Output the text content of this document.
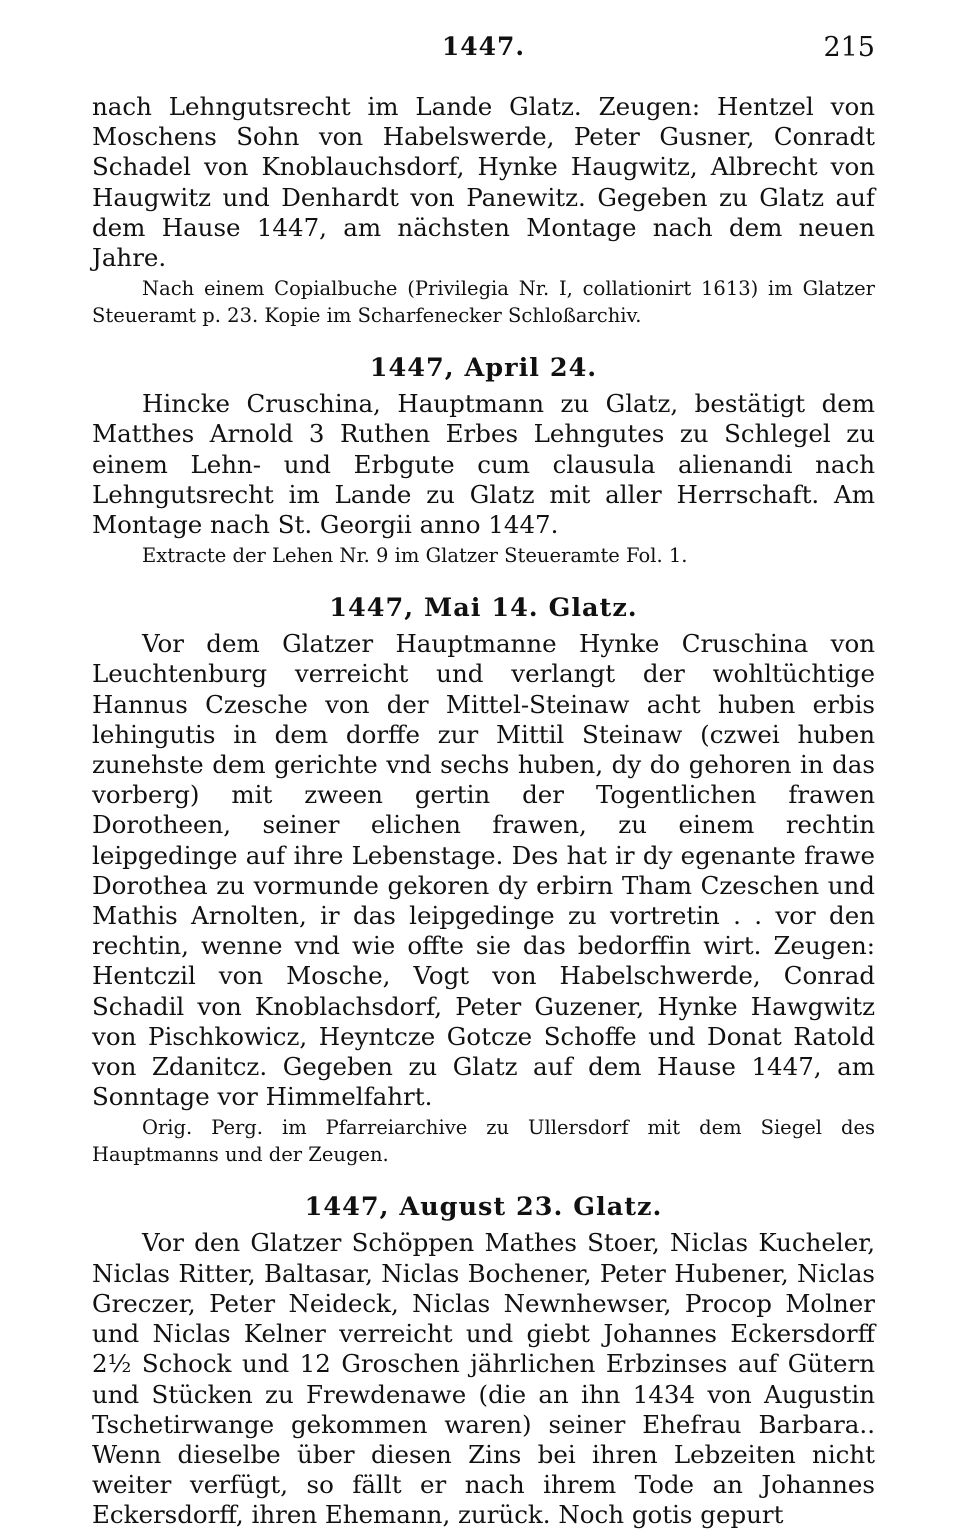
1447.	215

nach Lehngutsrecht im Lande Glatz. Zeugen: Hentzel von Moschens Sohn von Habelswerde, Peter Gusner, Conradt Schadel von Knoblauchsdorf, Hynke Haugwitz, Albrecht von Haugwitz und Denhardt von Panewitz. Gegeben zu Glatz auf dem Hause 1447, am nächsten Montage nach dem neuen Jahre.

Nach einem Copialbuche (Privilegia Nr. I, collationirt 1613) im Glatzer Steueramt p. 23. Kopie im Scharfenecker Schloßarchiv.

1447, April 24.

Hincke Cruschina, Hauptmann zu Glatz, bestätigt dem Matthes Arnold 3 Ruthen Erbes Lehngutes zu Schlegel zu einem Lehn- und Erbgute cum clausula alienandi nach Lehngutsrecht im Lande zu Glatz mit aller Herrschaft. Am Montage nach St. Georgii anno 1447.

Extracte der Lehen Nr. 9 im Glatzer Steueramte Fol. 1.

1447, Mai 14. Glatz.

Vor dem Glatzer Hauptmanne Hynke Cruschina von Leuchtenburg verreicht und verlangt der wohltüchtige Hannus Czesche von der Mittel-Steinaw acht huben erbis lehingutis in dem dorffe zur Mittil Steinaw (czwei huben zunehste dem gerichte vnd sechs huben, dy do gehoren in das vorberg) mit zween gertin der Togentlichen frawen Dorotheen, seiner elichen frawen, zu einem rechtin leipgedinge auf ihre Lebenstage. Des hat ir dy egenante frawe Dorothea zu vormunde gekoren dy erbirn Tham Czeschen und Mathis Arnolten, ir das leipgedinge zu vortretin . . vor den rechtin, wenne vnd wie offte sie das bedorffin wirt. Zeugen: Hentczil von Mosche, Vogt von Habelschwerde, Conrad Schadil von Knoblachsdorf, Peter Guzener, Hynke Hawgwitz von Pischkowicz, Heyntcze Gotcze Schoffe und Donat Ratold von Zdanitcz. Gegeben zu Glatz auf dem Hause 1447, am Sonntage vor Himmelfahrt.

Orig. Perg. im Pfarreiarchive zu Ullersdorf mit dem Siegel des Hauptmanns und der Zeugen.

1447, August 23. Glatz.

Vor den Glatzer Schöppen Mathes Stoer, Niclas Kucheler, Niclas Ritter, Baltasar, Niclas Bochener, Peter Hubener, Niclas Greczer, Peter Neideck, Niclas Newnhewser, Procop Molner und Niclas Kelner verreicht und giebt Johannes Eckersdorff 2½ Schock und 12 Groschen jährlichen Erbzinses auf Gütern und Stücken zu Frewdenawe (die an ihn 1434 von Augustin Tschetirwange gekommen waren) seiner Ehefrau Barbara.. Wenn dieselbe über diesen Zins bei ihren Lebzeiten nicht weiter verfügt, so fällt er nach ihrem Tode an Johannes Eckersdorff, ihren Ehemann, zurück. Noch gotis gepurt
